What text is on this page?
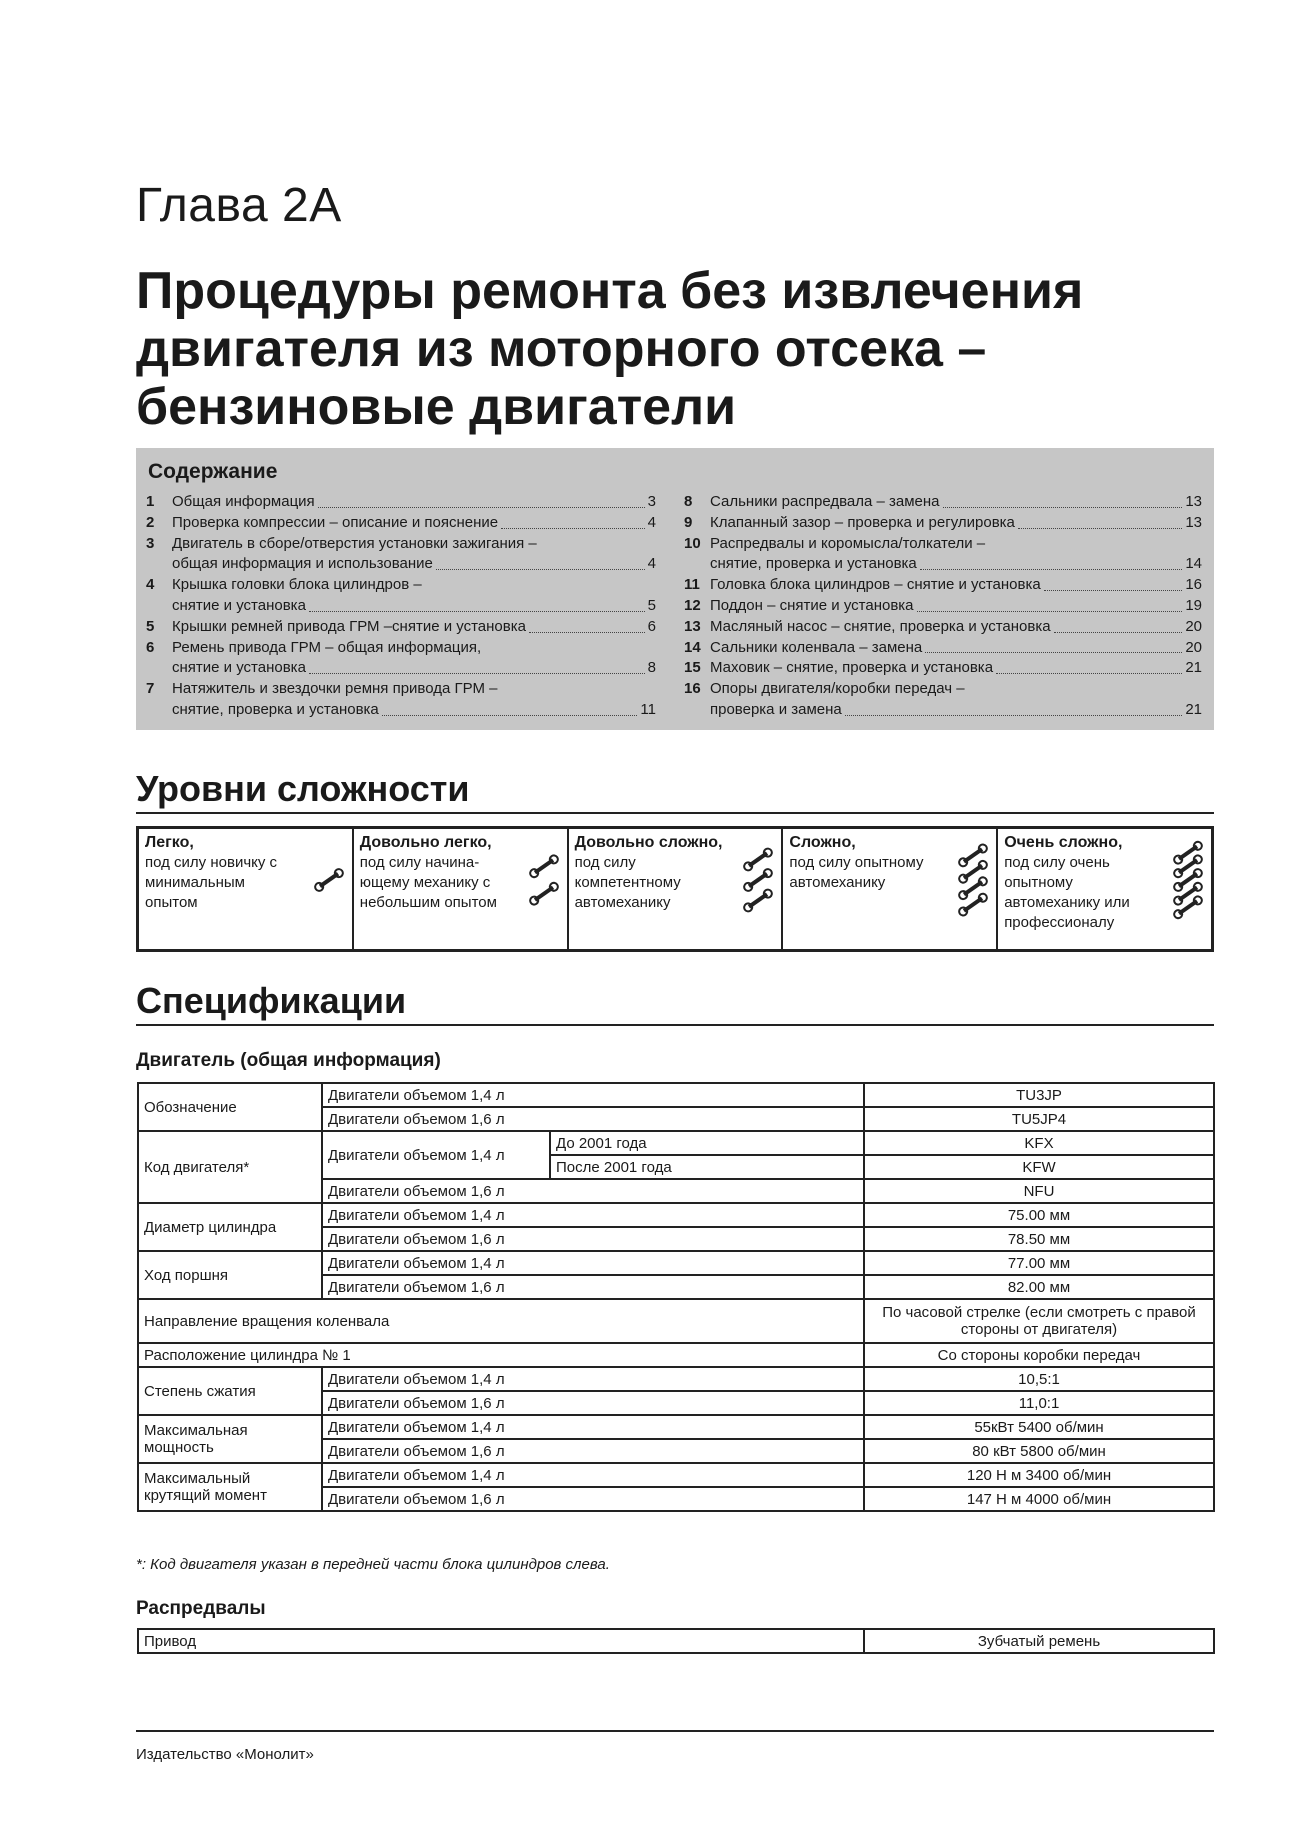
Глава 2А
Процедуры ремонта без извлечения двигателя из моторного отсека – бензиновые двигатели
Содержание
1	Общая информация	3
2	Проверка компрессии – описание и пояснение	4
3	Двигатель в сборе/отверстия установки зажигания –
общая информация и использование	4
4	Крышка головки блока цилиндров –
снятие и установка	5
5	Крышки ремней привода ГРМ –снятие и установка	6
6	Ремень привода ГРМ – общая информация,
снятие и установка	8
7	Натяжитель и звездочки ремня привода ГРМ –
снятие, проверка и установка	11
8	Сальники распредвала – замена	13
9	Клапанный зазор – проверка и регулировка	13
10 Распредвалы и коромысла/толкатели –
снятие, проверка и установка	14
11 Головка блока цилиндров – снятие и установка	16
12 Поддон – снятие и установка	19
13 Масляный насос – снятие, проверка и установка	20
14 Сальники коленвала – замена	20
15 Маховик – снятие, проверка и установка	21
16 Опоры двигателя/коробки передач –
проверка и замена	21
Уровни сложности
Легко,
под силу новичку с минимальным опытом
Довольно легко,
под силу начина-ющему механику с небольшим опытом
Довольно сложно,
под силу компетентному автомеханику
Сложно,
под силу опытному автомеханику
Очень сложно,
под силу очень опытному автомеханику или профессионалу
Спецификации
Двигатель (общая информация)
Обозначение	Двигатели объемом 1,4 л		TU3JP
	Двигатели объемом 1,6 л		TU5JP4
Код двигателя*	Двигатели объемом 1,4 л	До 2001 года	KFX
		После 2001 года	KFW
	Двигатели объемом 1,6 л		NFU
Диаметр цилиндра	Двигатели объемом 1,4 л		75.00 мм
	Двигатели объемом 1,6 л		78.50 мм
Ход поршня	Двигатели объемом 1,4 л		77.00 мм
	Двигатели объемом 1,6 л		82.00 мм
Направление вращения коленвала			По часовой стрелке (если смотреть с правой стороны от двигателя)
Расположение цилиндра № 1			Со стороны коробки передач
Степень сжатия	Двигатели объемом 1,4 л		10,5:1
	Двигатели объемом 1,6 л		11,0:1
Максимальная мощность	Двигатели объемом 1,4 л		55кВт 5400 об/мин
	Двигатели объемом 1,6 л		80 кВт 5800 об/мин
Максимальный крутящий момент	Двигатели объемом 1,4 л		120 Н м 3400 об/мин
	Двигатели объемом 1,6 л		147 Н м 4000 об/мин
*: Код двигателя указан в передней части блока цилиндров слева.
Распредвалы
Привод	Зубчатый ремень
Издательство «Монолит»
